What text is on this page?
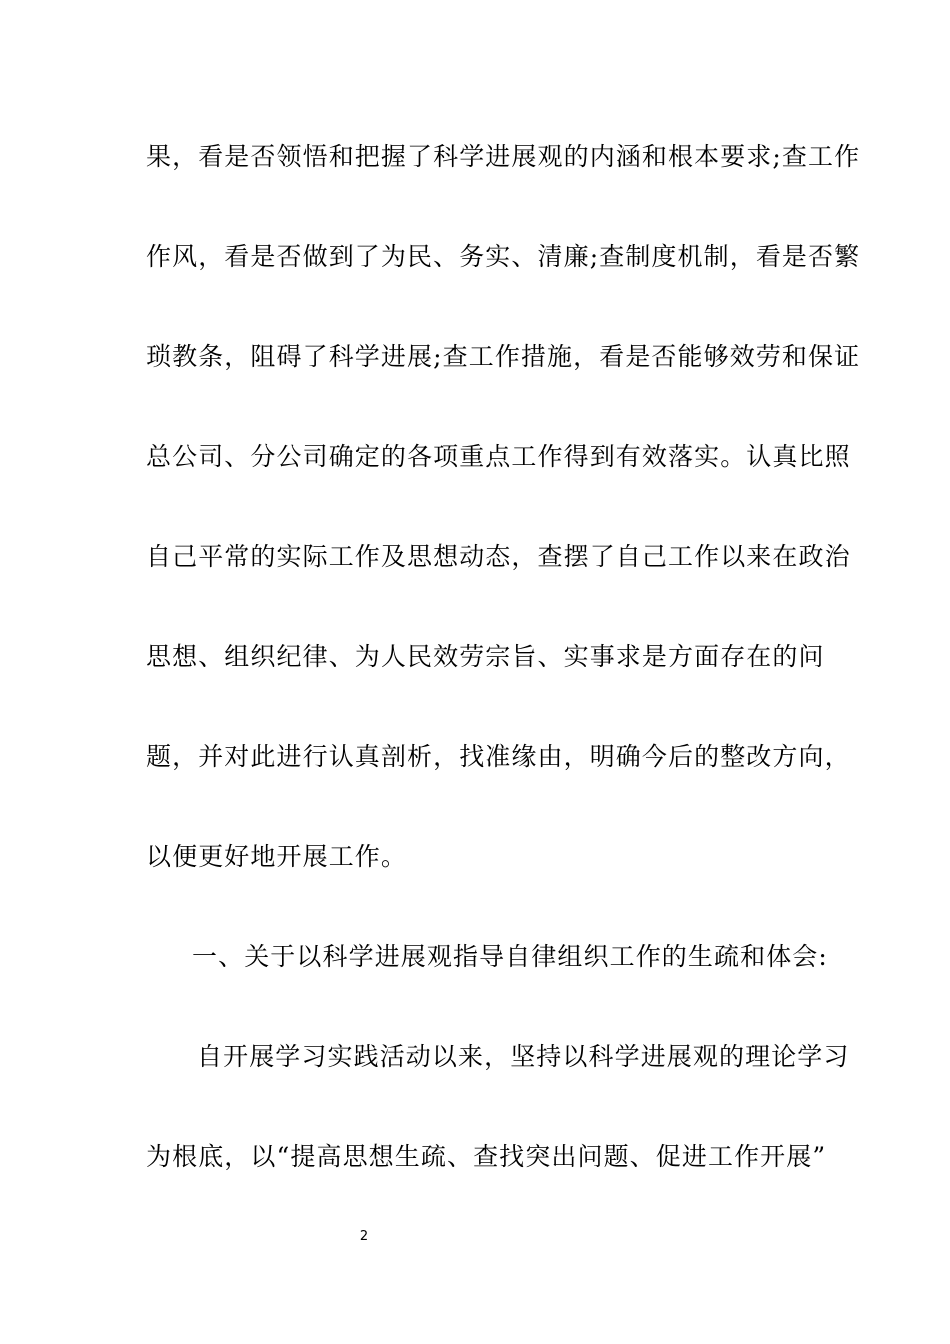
果，看是否领悟和把握了科学进展观的内涵和根本要求;查工作
作风，看是否做到了为民、务实、清廉;查制度机制，看是否繁
琐教条，阻碍了科学进展;查工作措施，看是否能够效劳和保证
总公司、分公司确定的各项重点工作得到有效落实。认真比照
自己平常的实际工作及思想动态，查摆了自己工作以来在政治
思想、组织纪律、为人民效劳宗旨、实事求是方面存在的问
题，并对此进行认真剖析，找准缘由，明确今后的整改方向，
以便更好地开展工作。
一、关于以科学进展观指导自律组织工作的生疏和体会:
自开展学习实践活动以来，坚持以科学进展观的理论学习
为根底，以“提高思想生疏、查找突出问题、促进工作开展”
2
